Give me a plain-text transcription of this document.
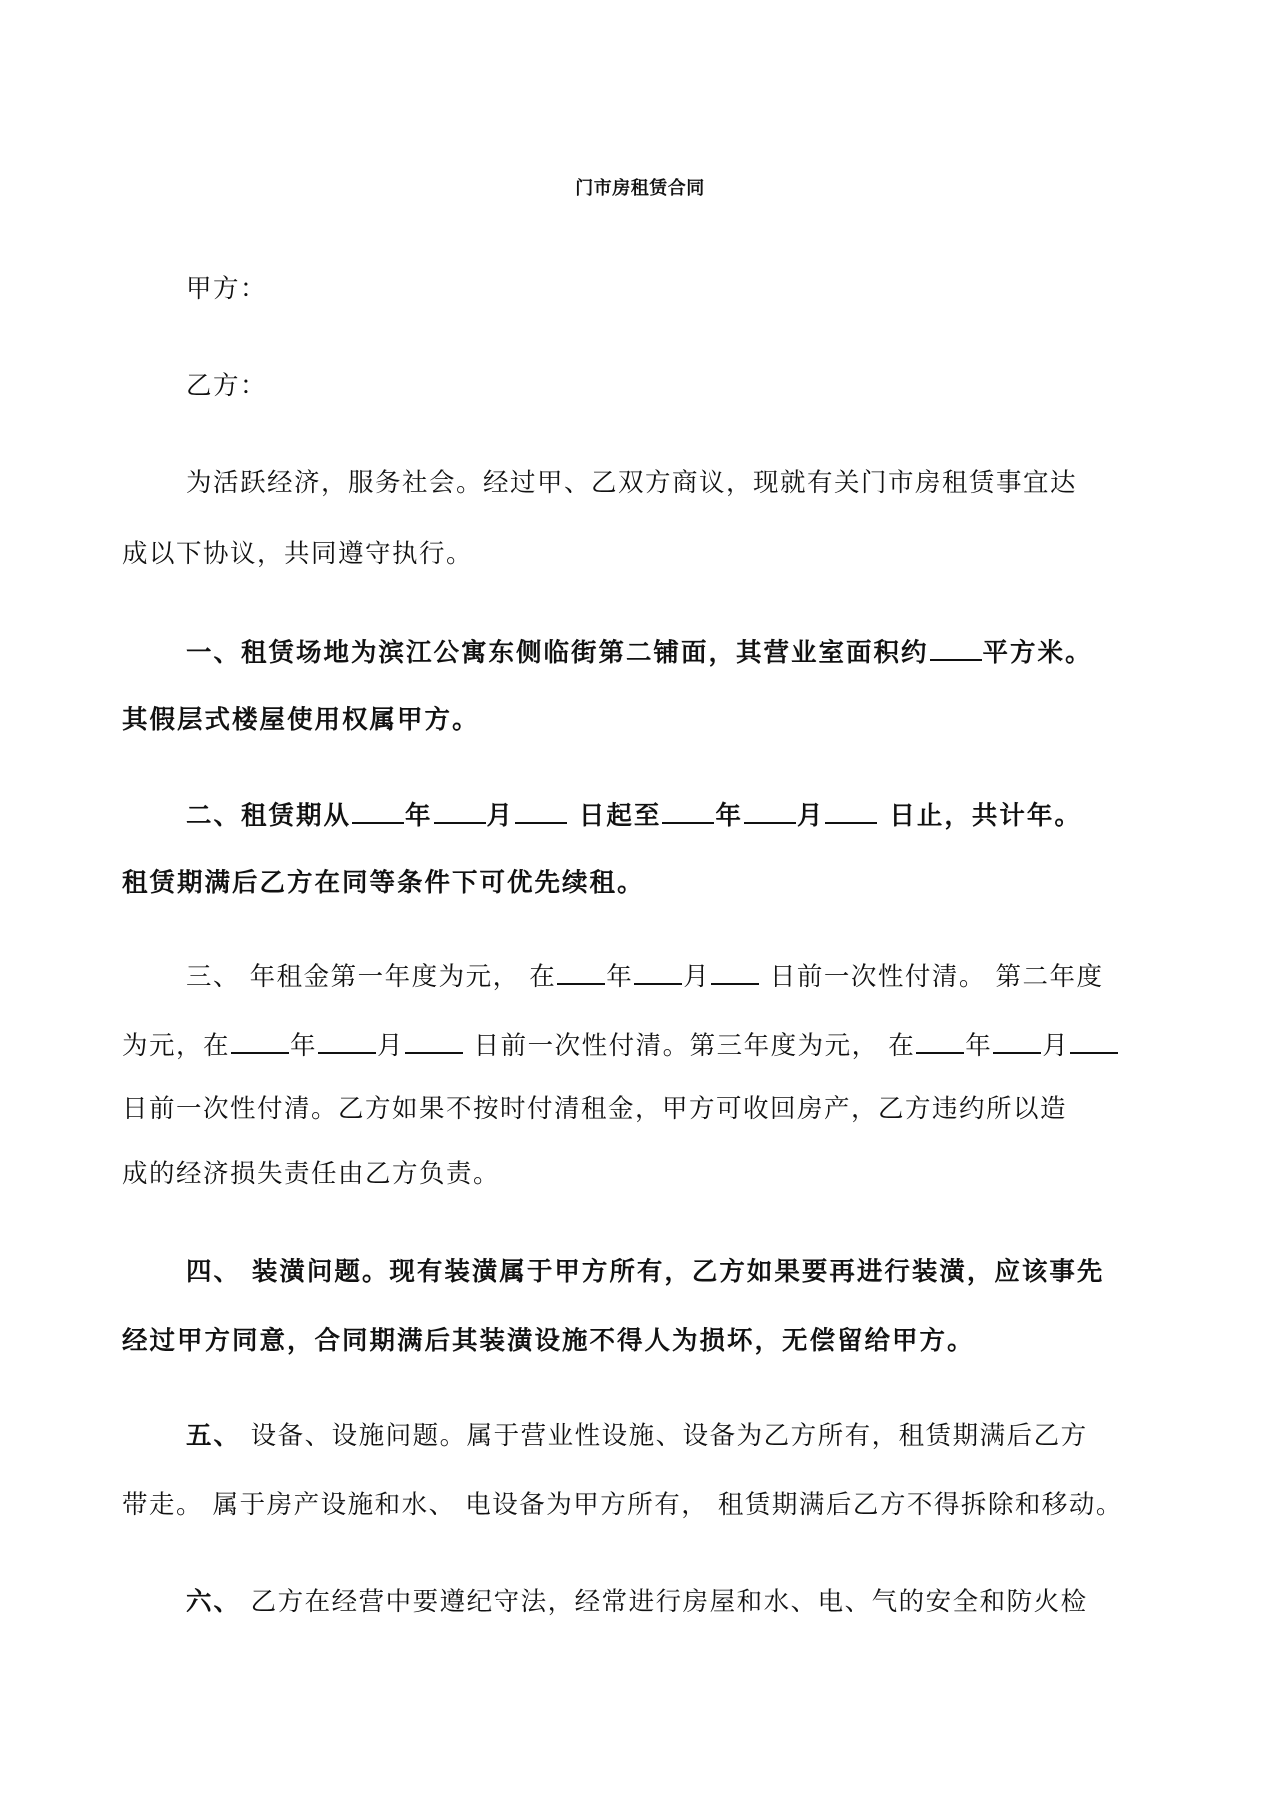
门市房租赁合同
甲方：
乙方：
为活跃经济，服务社会。经过甲、乙双方商议，现就有关门市房租赁事宜达
成以下协议，共同遵守执行。
一、租赁场地为滨江公寓东侧临街第二铺面，其营业室面积约 平方米。
其假层式楼屋使用权属甲方。
二、租赁期从 年 月 日起至 年 月 日止，共计年。
租赁期满后乙方在同等条件下可优先续租。
三、 年租金第一年度为元， 在 年 月 日前一次性付清。 第二年度
为元，在 年 月 日前一次性付清。第三年度为元， 在 年 月
日前一次性付清。乙方如果不按时付清租金，甲方可收回房产，乙方违约所以造
成的经济损失责任由乙方负责。
四、 装潢问题。现有装潢属于甲方所有，乙方如果要再进行装潢，应该事先
经过甲方同意，合同期满后其装潢设施不得人为损坏，无偿留给甲方。
五、 设备、设施问题。属于营业性设施、设备为乙方所有，租赁期满后乙方
带走。 属于房产设施和水、 电设备为甲方所有， 租赁期满后乙方不得拆除和移动。
六、 乙方在经营中要遵纪守法，经常进行房屋和水、电、气的安全和防火检
